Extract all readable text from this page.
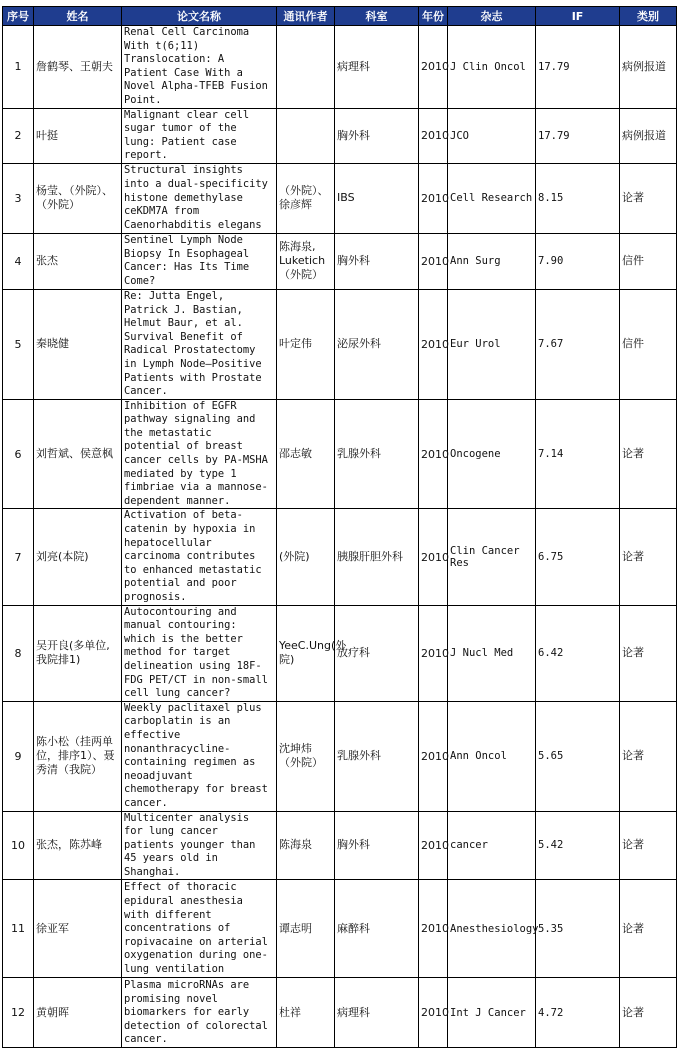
序号	姓名	论文名称	通讯作者	科室	年份	杂志	IF	类别
1	詹鹤琴、王朝夫	Renal Cell Carcinoma With t(6;11) Translocation: A Patient Case With a Novel Alpha-TFEB Fusion Point.		病理科	2010	J Clin Oncol	17.79	病例报道
2	叶挺	Malignant clear cell sugar tumor of the lung: Patient case report.		胸外科	2010	JCO	17.79	病例报道
3	杨莹、（外院）、（外院）	Structural insights into a dual-specificity histone demethylase ceKDM7A from Caenorhabditis elegans	（外院）、徐彦辉	IBS	2010	Cell Research	8.15	论著
4	张杰	Sentinel Lymph Node Biopsy In Esophageal Cancer: Has Its Time Come?	陈海泉, Luketich（外院）	胸外科	2010	Ann Surg	7.90	信件
5	秦晓健	Re: Jutta Engel, Patrick J. Bastian, Helmut Baur, et al. Survival Benefit of Radical Prostatectomy in Lymph Node–Positive Patients with Prostate Cancer.	叶定伟	泌尿外科	2010	Eur Urol	7.67	信件
6	刘哲斌、侯意枫	Inhibition of EGFR pathway signaling and the metastatic potential of breast cancer cells by PA-MSHA mediated by type 1 fimbriae via a mannose-dependent manner.	邵志敏	乳腺外科	2010	Oncogene	7.14	论著
7	刘亮(本院)	Activation of beta-catenin by hypoxia in hepatocellular carcinoma contributes to enhanced metastatic potential and poor prognosis.	(外院)	胰腺肝胆外科	2010	Clin Cancer Res	6.75	论著
8	吴开良(多单位,我院排1)	Autocontouring and manual contouring: which is the better method for target delineation using 18F-FDG PET/CT in non-small cell lung cancer?	YeeC.Ung(外院)	放疗科	2010	J Nucl Med	6.42	论著
9	陈小松（挂两单位，排序1）、聂秀清（我院）	Weekly paclitaxel plus carboplatin is an effective nonanthracycline-containing regimen as neoadjuvant chemotherapy for breast cancer.	沈坤炜（外院）	乳腺外科	2010	Ann Oncol	5.65	论著
10	张杰，陈苏峰	Multicenter analysis for lung cancer patients younger than 45 years old in Shanghai.	陈海泉	胸外科	2010	cancer	5.42	论著
11	徐亚军	Effect of thoracic epidural anesthesia with different concentrations of ropivacaine on arterial oxygenation during one-lung ventilation	谭志明	麻醉科	2010	Anesthesiology	5.35	论著
12	黄朝晖	Plasma microRNAs are promising novel biomarkers for early detection of colorectal cancer.	杜祥	病理科	2010	Int J Cancer	4.72	论著
